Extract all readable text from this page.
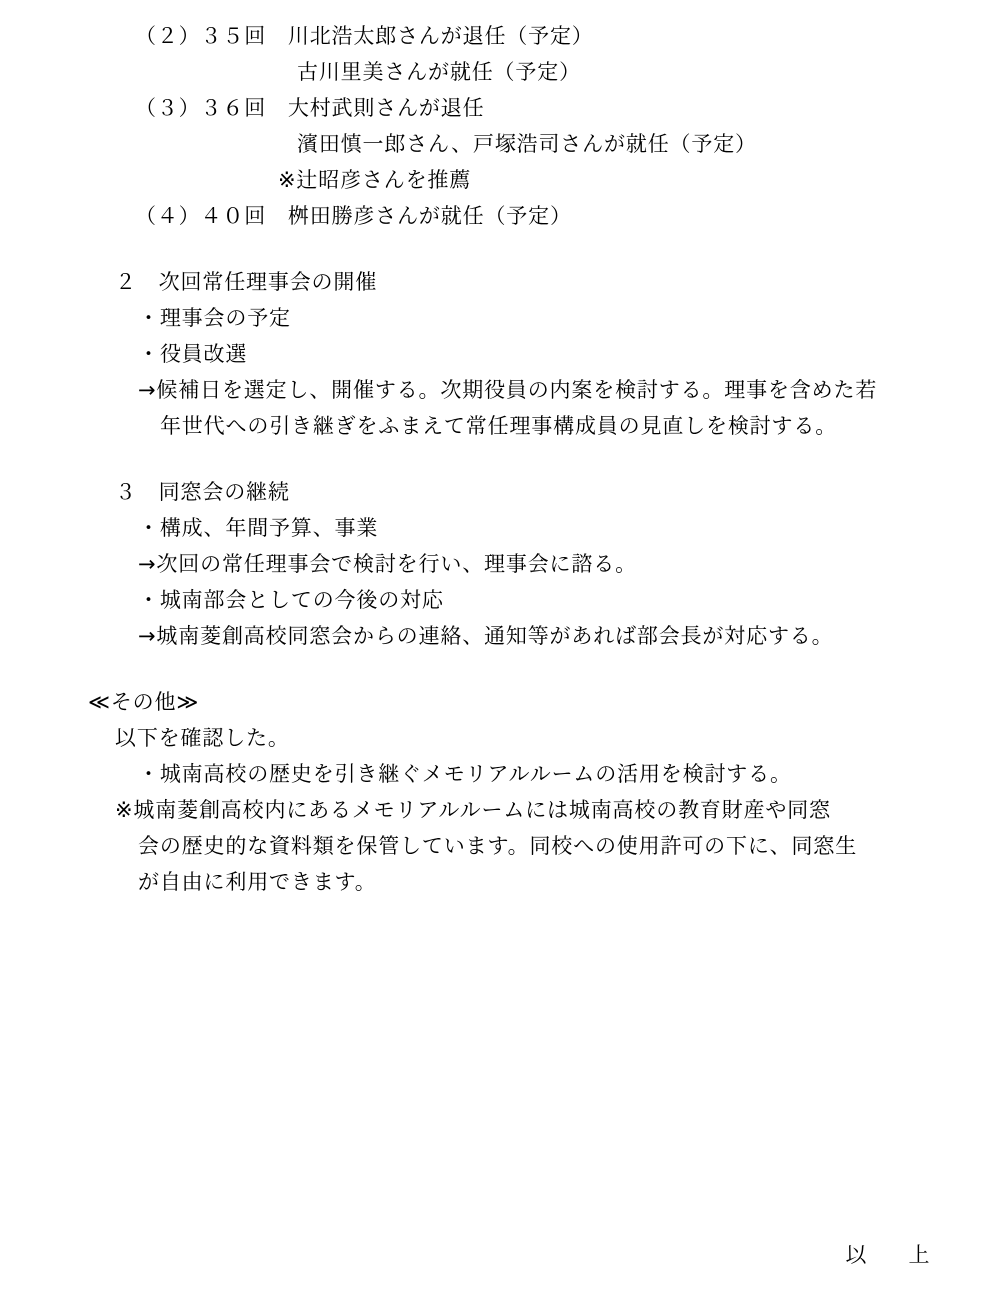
（２）３５回　川北浩太郎さんが退任（予定）
古川里美さんが就任（予定）
（３）３６回　大村武則さんが退任
濱田慎一郎さん、戸塚浩司さんが就任（予定）
※辻昭彦さんを推薦
（４）４０回　桝田勝彦さんが就任（予定）
２　次回常任理事会の開催
・理事会の予定
・役員改選
→候補日を選定し、開催する。次期役員の内案を検討する。理事を含めた若
年世代への引き継ぎをふまえて常任理事構成員の見直しを検討する。
３　同窓会の継続
・構成、年間予算、事業
→次回の常任理事会で検討を行い、理事会に諮る。
・城南部会としての今後の対応
→城南菱創高校同窓会からの連絡、通知等があれば部会長が対応する。
≪その他≫
以下を確認した。
・城南高校の歴史を引き継ぐメモリアルルームの活用を検討する。
※城南菱創高校内にあるメモリアルルームには城南高校の教育財産や同窓
会の歴史的な資料類を保管しています。同校への使用許可の下に、同窓生
が自由に利用できます。
以　上
